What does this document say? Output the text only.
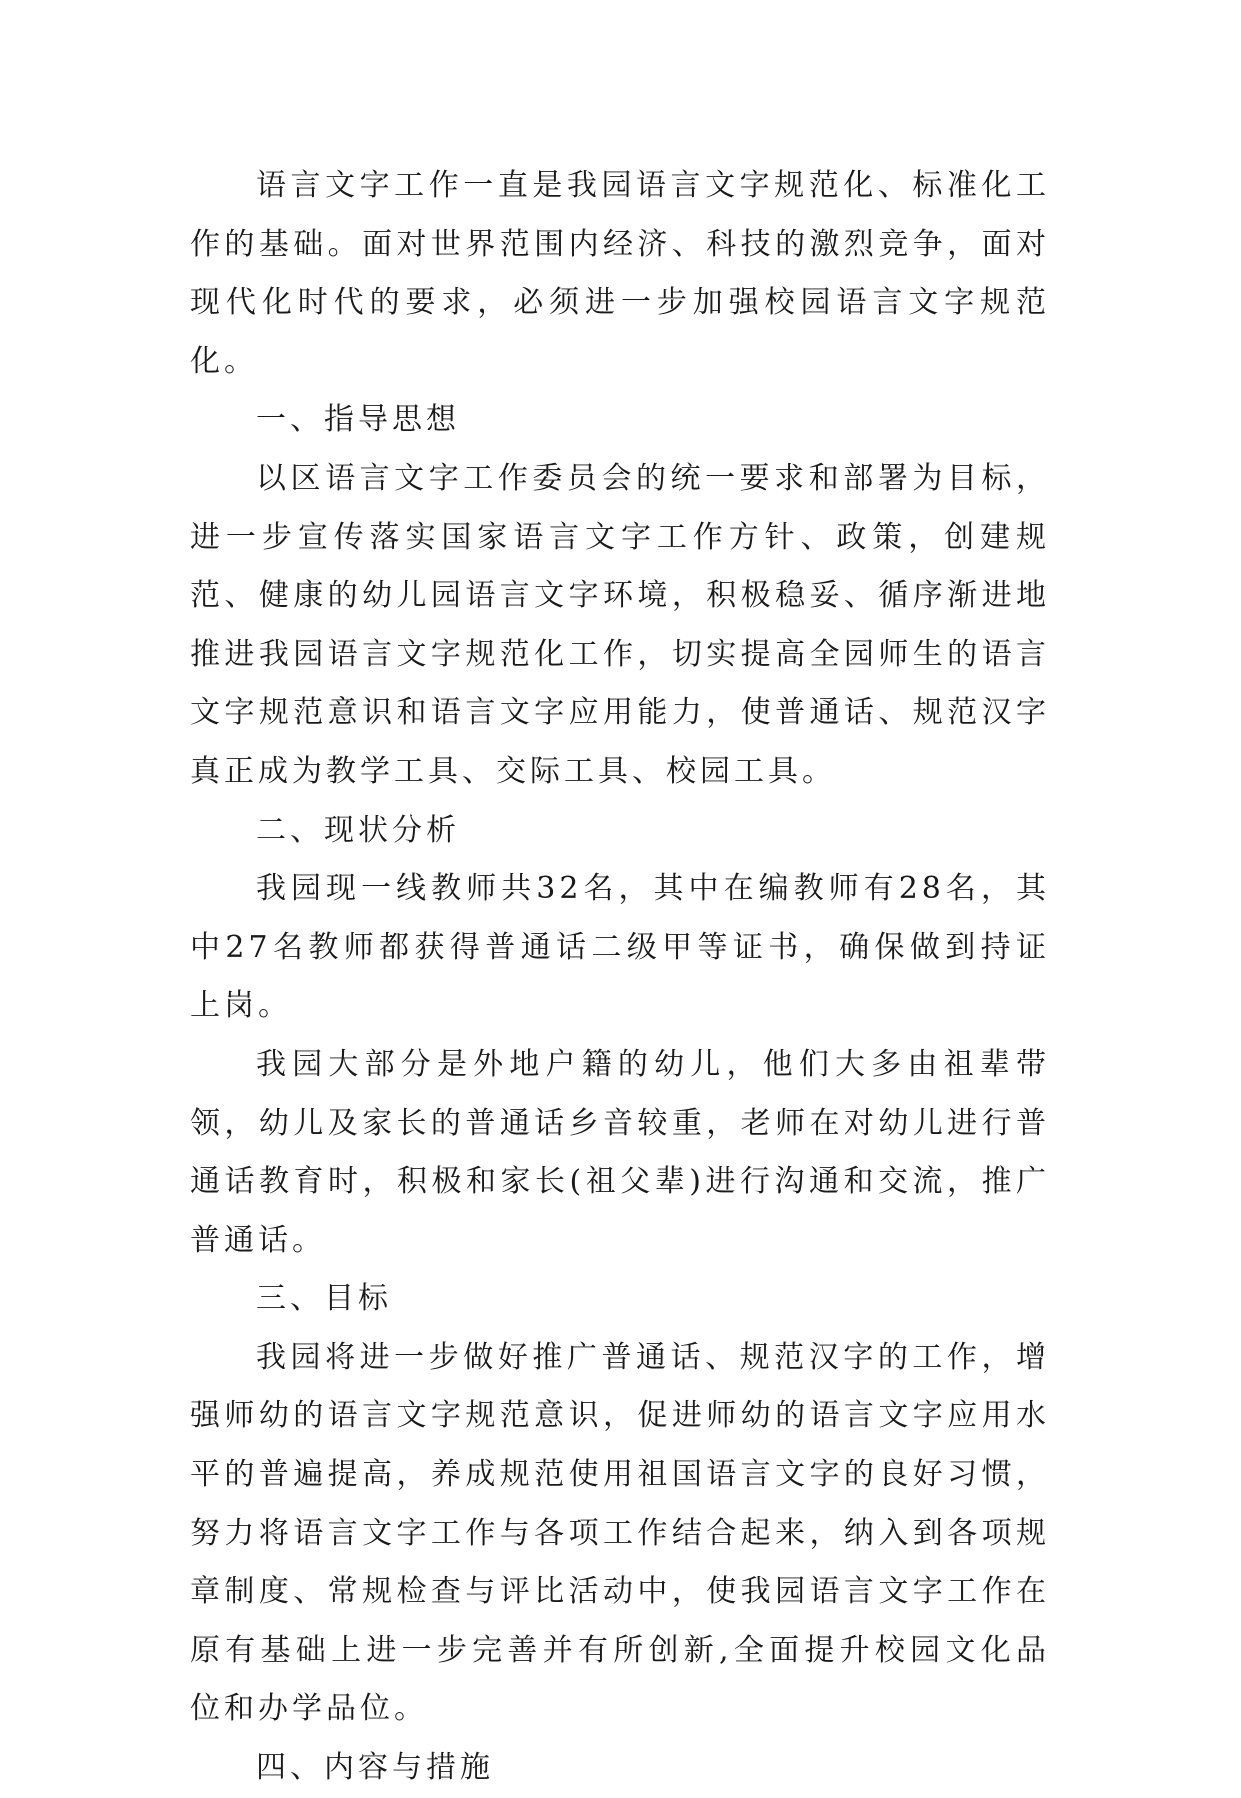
语言文字工作一直是我园语言文字规范化、标准化工作的基础。面对世界范围内经济、科技的激烈竞争，面对现代化时代的要求，必须进一步加强校园语言文字规范化。

一、指导思想

以区语言文字工作委员会的统一要求和部署为目标，进一步宣传落实国家语言文字工作方针、政策，创建规范、健康的幼儿园语言文字环境，积极稳妥、循序渐进地推进我园语言文字规范化工作，切实提高全园师生的语言文字规范意识和语言文字应用能力，使普通话、规范汉字真正成为教学工具、交际工具、校园工具。

二、现状分析

我园现一线教师共32名，其中在编教师有28名，其中27名教师都获得普通话二级甲等证书，确保做到持证上岗。

我园大部分是外地户籍的幼儿，他们大多由祖辈带领，幼儿及家长的普通话乡音较重，老师在对幼儿进行普通话教育时，积极和家长(祖父辈)进行沟通和交流，推广普通话。

三、目标

我园将进一步做好推广普通话、规范汉字的工作，增强师幼的语言文字规范意识，促进师幼的语言文字应用水平的普遍提高，养成规范使用祖国语言文字的良好习惯，努力将语言文字工作与各项工作结合起来，纳入到各项规章制度、常规检查与评比活动中，使我园语言文字工作在原有基础上进一步完善并有所创新,全面提升校园文化品位和办学品位。

四、内容与措施
